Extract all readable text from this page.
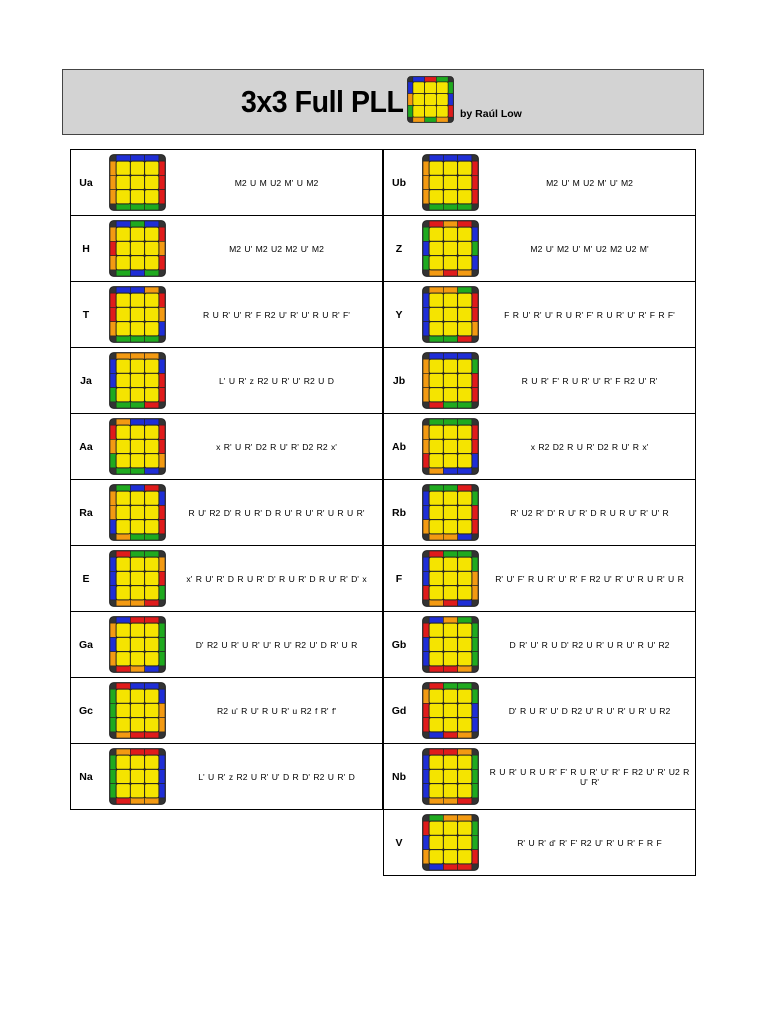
3x3 Full PLL	by Raúl Low
Ua	M2 U M U2 M' U M2
H	M2 U' M2 U2 M2 U' M2
T	R U R' U' R' F R2 U' R' U' R U R' F'
Ja	L' U R' z R2 U R' U' R2 U D
Aa	x R' U R' D2 R U' R' D2 R2 x'
Ra	R U' R2 D' R U R' D R U' R U' R' U R U R'
E	x' R U' R' D R U R' D' R U R' D R U' R' D' x
Ga	D' R2 U R' U R' U' R U' R2 U' D R' U R
Gc	R2 u' R U' R U R' u R2 f R' f'
Na	L' U R' z R2 U R' U' D R D' R2 U R' D
Ub	M2 U' M U2 M' U' M2
Z	M2 U' M2 U' M' U2 M2 U2 M'
Y	F R U' R' U' R U R' F' R U R' U' R' F R F'
Jb	R U R' F' R U R' U' R' F R2 U' R'
Ab	x R2 D2 R U R' D2 R U' R x'
Rb	R' U2 R' D' R U' R' D R U R U' R' U' R
F	R' U' F' R U R' U' R' F R2 U' R' U' R U R' U R
Gb	D R' U' R U D' R2 U R' U R U' R U' R2
Gd	D' R U R' U' D R2 U' R U' R' U R' U R2
Nb	R U R' U R U R' F' R U R' U' R' F R2 U' R' U2 R U' R'
V	R' U R' d' R' F' R2 U' R' U R' F R F
